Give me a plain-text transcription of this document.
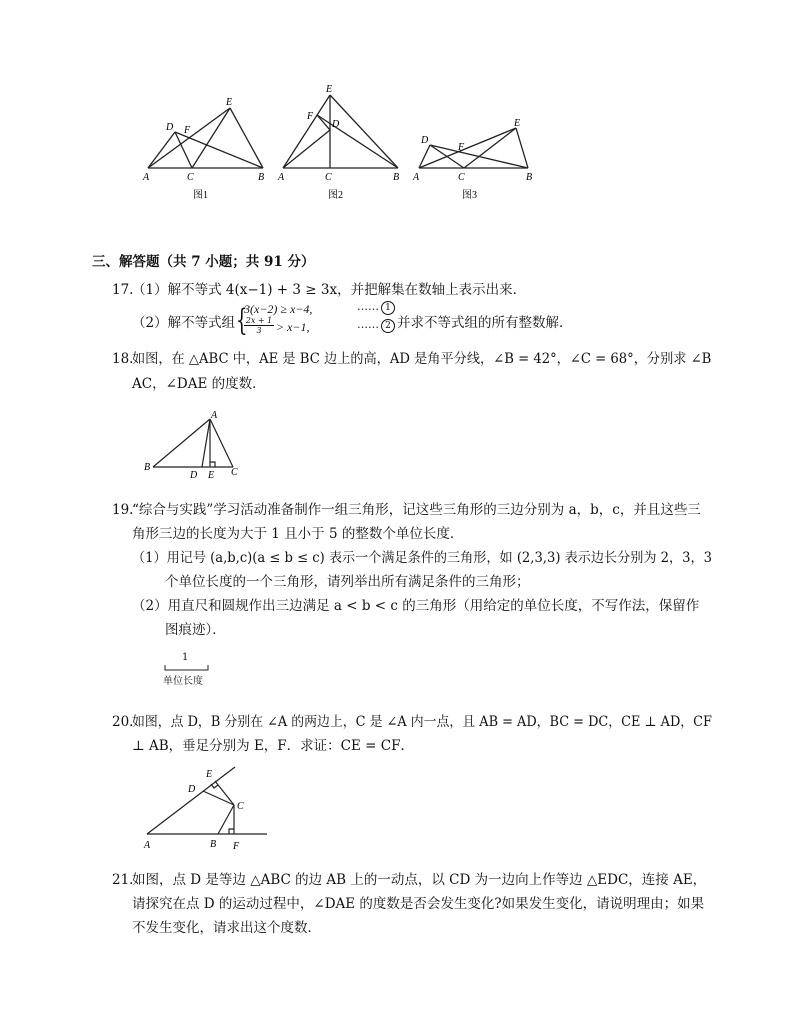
A	B
C
D
E
F
图1
A	B
C
D
E
F
图2
A	B
C
D
E
F
图3
三、解答题（共 7 小题；共 91 分）
17.
（1）解不等式 4(x−1) + 3 ≥ 3x，并把解集在数轴上表示出来．
（2）解不等式组 {
3(x−2) ≥ x−4,
$\frac{2x + 1}{3} > x-1$,
…… 1
…… 2 并求不等式组的所有整数解．
18.
如图，在 △ABC 中，AE 是 BC 边上的高，AD 是角平分线，∠B = 42°，∠C = 68°，分别求 ∠B
AC，∠DAE 的度数．
A
B	C
D E
19.
“综合与实践”学习活动准备制作一组三角形，记这些三角形的三边分别为 a，b，c，并且这些三
角形三边的长度为大于 1 且小于 5 的整数个单位长度．
（1）用记号 (a,b,c)(a ≤ b ≤ c) 表示一个满足条件的三角形，如 (2,3,3) 表示边长分别为 2，3，3
个单位长度的一个三角形，请列举出所有满足条件的三角形；
（2）用直尺和圆规作出三边满足 a < b < c 的三角形（用给定的单位长度，不写作法，保留作
图痕迹）．
1
单位长度
20.
如图，点 D，B 分别在 ∠A 的两边上，C 是 ∠A 内一点，且 AB = AD，BC = DC，CE ⊥ AD，CF
⊥ AB，垂足分别为 E，F．求证：CE = CF．
A	B
C
D
E
F
21.
如图，点 D 是等边 △ABC 的边 AB 上的一动点，以 CD 为一边向上作等边 △EDC，连接 AE，
请探究在点 D 的运动过程中，∠DAE 的度数是否会发生变化?如果发生变化，请说明理由；如果
不发生变化，请求出这个度数．
